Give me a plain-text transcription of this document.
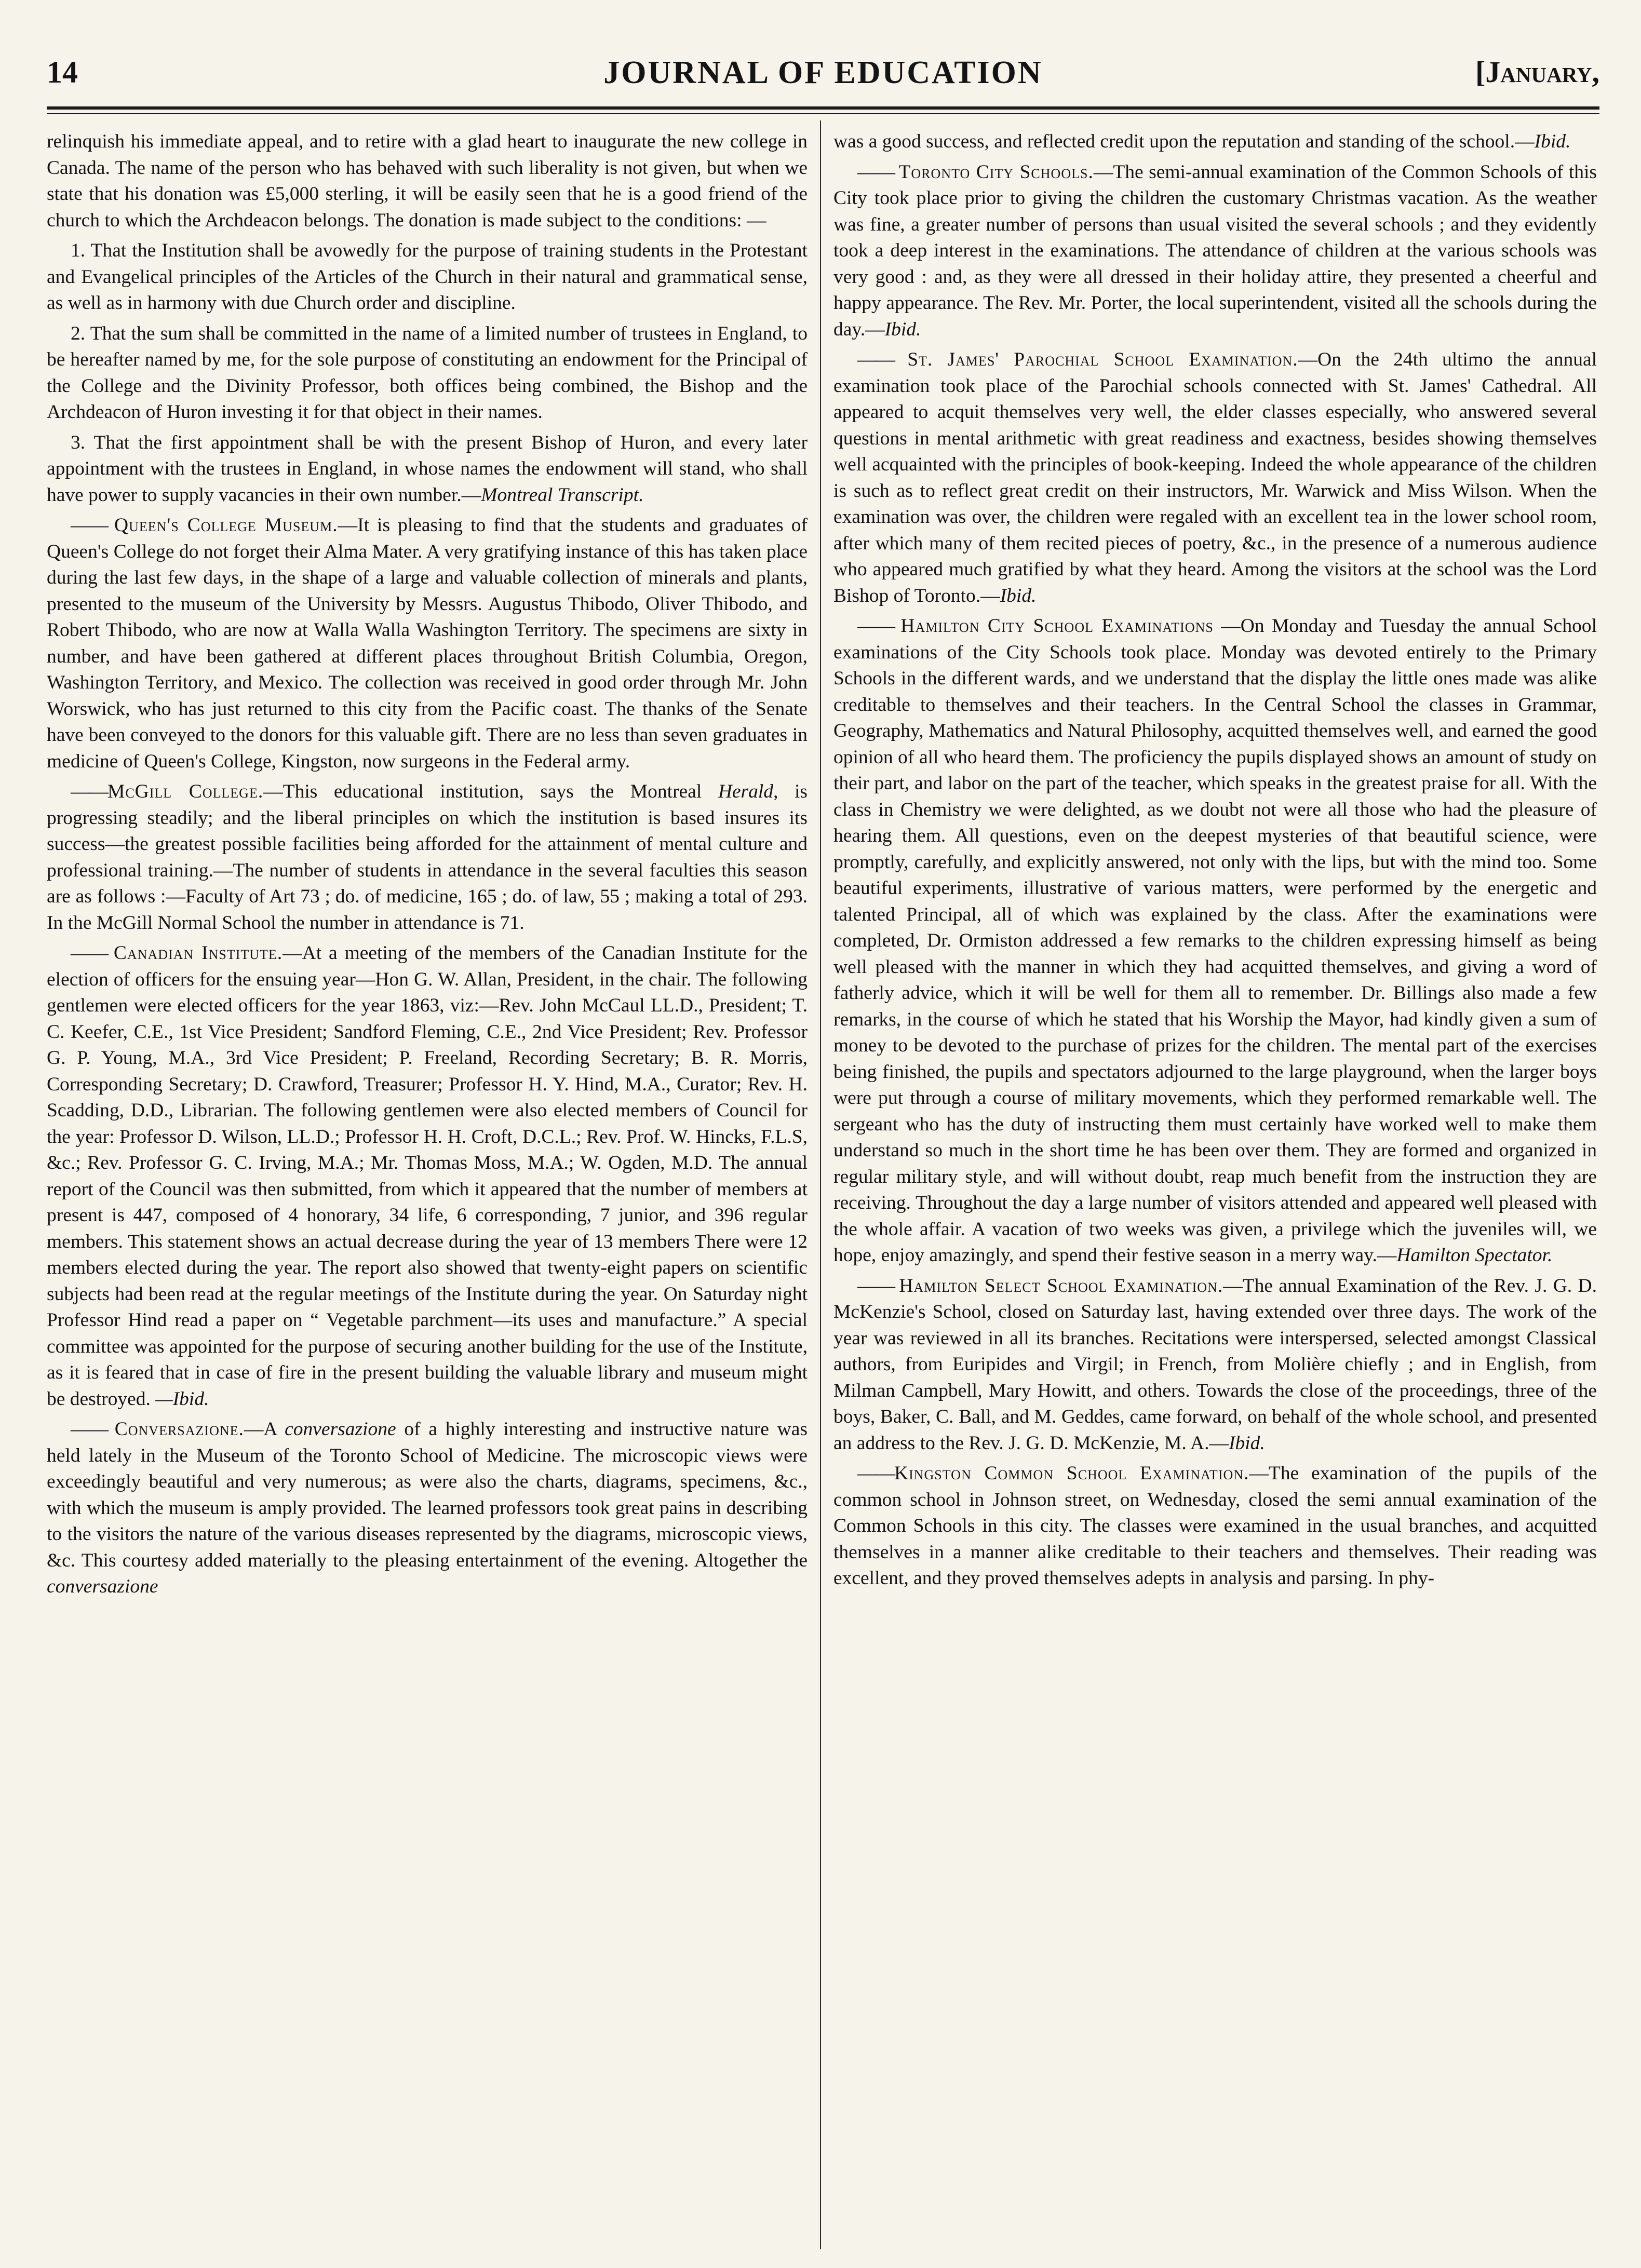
14	JOURNAL OF EDUCATION	[January,

relinquish his immediate appeal, and to retire with a glad heart to inaugurate the new college in Canada. The name of the person who has behaved with such liberality is not given, but when we state that his donation was £5,000 sterling, it will be easily seen that he is a good friend of the church to which the Archdeacon belongs. The donation is made subject to the conditions: —

1. That the Institution shall be avowedly for the purpose of training students in the Protestant and Evangelical principles of the Articles of the Church in their natural and grammatical sense, as well as in harmony with due Church order and discipline.

2. That the sum shall be committed in the name of a limited number of trustees in England, to be hereafter named by me, for the sole purpose of constituting an endowment for the Principal of the College and the Divinity Professor, both offices being combined, the Bishop and the Archdeacon of Huron investing it for that object in their names.

3. That the first appointment shall be with the present Bishop of Huron, and every later appointment with the trustees in England, in whose names the endowment will stand, who shall have power to supply vacancies in their own number.—Montreal Transcript.

—— Queen's College Museum.—It is pleasing to find that the students and graduates of Queen's College do not forget their Alma Mater. A very gratifying instance of this has taken place during the last few days, in the shape of a large and valuable collection of minerals and plants, presented to the museum of the University by Messrs. Augustus Thibodo, Oliver Thibodo, and Robert Thibodo, who are now at Walla Walla Washington Territory. The specimens are sixty in number, and have been gathered at different places throughout British Columbia, Oregon, Washington Territory, and Mexico. The collection was received in good order through Mr. John Worswick, who has just returned to this city from the Pacific coast. The thanks of the Senate have been conveyed to the donors for this valuable gift. There are no less than seven graduates in medicine of Queen's College, Kingston, now surgeons in the Federal army.

——McGill College.—This educational institution, says the Montreal Herald, is progressing steadily; and the liberal principles on which the institution is based insures its success—the greatest possible facilities being afforded for the attainment of mental culture and professional training.—The number of students in attendance in the several faculties this season are as follows :—Faculty of Art 73 ; do. of medicine, 165 ; do. of law, 55 ; making a total of 293. In the McGill Normal School the number in attendance is 71.

—— Canadian Institute.—At a meeting of the members of the Canadian Institute for the election of officers for the ensuing year—Hon G. W. Allan, President, in the chair. The following gentlemen were elected officers for the year 1863, viz:—Rev. John McCaul LL.D., President; T. C. Keefer, C.E., 1st Vice President; Sandford Fleming, C.E., 2nd Vice President; Rev. Professor G. P. Young, M.A., 3rd Vice President; P. Freeland, Recording Secretary; B. R. Morris, Corresponding Secretary; D. Crawford, Treasurer; Professor H. Y. Hind, M.A., Curator; Rev. H. Scadding, D.D., Librarian. The following gentlemen were also elected members of Council for the year: Professor D. Wilson, LL.D.; Professor H. H. Croft, D.C.L.; Rev. Prof. W. Hincks, F.L.S, &c.; Rev. Professor G. C. Irving, M.A.; Mr. Thomas Moss, M.A.; W. Ogden, M.D. The annual report of the Council was then submitted, from which it appeared that the number of members at present is 447, composed of 4 honorary, 34 life, 6 corresponding, 7 junior, and 396 regular members. This statement shows an actual decrease during the year of 13 members There were 12 members elected during the year. The report also showed that twenty-eight papers on scientific subjects had been read at the regular meetings of the Institute during the year. On Saturday night Professor Hind read a paper on “ Vegetable parchment—its uses and manufacture.” A special committee was appointed for the purpose of securing another building for the use of the Institute, as it is feared that in case of fire in the present building the valuable library and museum might be destroyed. —Ibid.

—— Conversazione.—A conversazione of a highly interesting and instructive nature was held lately in the Museum of the Toronto School of Medicine. The microscopic views were exceedingly beautiful and very numerous; as were also the charts, diagrams, specimens, &c., with which the museum is amply provided. The learned professors took great pains in describing to the visitors the nature of the various diseases represented by the diagrams, microscopic views, &c. This courtesy added materially to the pleasing entertainment of the evening. Altogether the conversazione

was a good success, and reflected credit upon the reputation and standing of the school.—Ibid.

—— Toronto City Schools.—The semi-annual examination of the Common Schools of this City took place prior to giving the children the customary Christmas vacation. As the weather was fine, a greater number of persons than usual visited the several schools ; and they evidently took a deep interest in the examinations. The attendance of children at the various schools was very good : and, as they were all dressed in their holiday attire, they presented a cheerful and happy appearance. The Rev. Mr. Porter, the local superintendent, visited all the schools during the day.—Ibid.

—— St. James' Parochial School Examination.—On the 24th ultimo the annual examination took place of the Parochial schools connected with St. James' Cathedral. All appeared to acquit themselves very well, the elder classes especially, who answered several questions in mental arithmetic with great readiness and exactness, besides showing themselves well acquainted with the principles of book-keeping. Indeed the whole appearance of the children is such as to reflect great credit on their instructors, Mr. Warwick and Miss Wilson. When the examination was over, the children were regaled with an excellent tea in the lower school room, after which many of them recited pieces of poetry, &c., in the presence of a numerous audience who appeared much gratified by what they heard. Among the visitors at the school was the Lord Bishop of Toronto.—Ibid.

—— Hamilton City School Examinations —On Monday and Tuesday the annual School examinations of the City Schools took place. Monday was devoted entirely to the Primary Schools in the different wards, and we understand that the display the little ones made was alike creditable to themselves and their teachers. In the Central School the classes in Grammar, Geography, Mathematics and Natural Philosophy, acquitted themselves well, and earned the good opinion of all who heard them. The proficiency the pupils displayed shows an amount of study on their part, and labor on the part of the teacher, which speaks in the greatest praise for all. With the class in Chemistry we were delighted, as we doubt not were all those who had the pleasure of hearing them. All questions, even on the deepest mysteries of that beautiful science, were promptly, carefully, and explicitly answered, not only with the lips, but with the mind too. Some beautiful experiments, illustrative of various matters, were performed by the energetic and talented Principal, all of which was explained by the class. After the examinations were completed, Dr. Ormiston addressed a few remarks to the children expressing himself as being well pleased with the manner in which they had acquitted themselves, and giving a word of fatherly advice, which it will be well for them all to remember. Dr. Billings also made a few remarks, in the course of which he stated that his Worship the Mayor, had kindly given a sum of money to be devoted to the purchase of prizes for the children. The mental part of the exercises being finished, the pupils and spectators adjourned to the large playground, when the larger boys were put through a course of military movements, which they performed remarkable well. The sergeant who has the duty of instructing them must certainly have worked well to make them understand so much in the short time he has been over them. They are formed and organized in regular military style, and will without doubt, reap much benefit from the instruction they are receiving. Throughout the day a large number of visitors attended and appeared well pleased with the whole affair. A vacation of two weeks was given, a privilege which the juveniles will, we hope, enjoy amazingly, and spend their festive season in a merry way.—Hamilton Spectator.

—— Hamilton Select School Examination.—The annual Examination of the Rev. J. G. D. McKenzie's School, closed on Saturday last, having extended over three days. The work of the year was reviewed in all its branches. Recitations were interspersed, selected amongst Classical authors, from Euripides and Virgil; in French, from Molière chiefly ; and in English, from Milman Campbell, Mary Howitt, and others. Towards the close of the proceedings, three of the boys, Baker, C. Ball, and M. Geddes, came forward, on behalf of the whole school, and presented an address to the Rev. J. G. D. McKenzie, M. A.—Ibid.

——Kingston Common School Examination.—The examination of the pupils of the common school in Johnson street, on Wednesday, closed the semi annual examination of the Common Schools in this city. The classes were examined in the usual branches, and acquitted themselves in a manner alike creditable to their teachers and themselves. Their reading was excellent, and they proved themselves adepts in analysis and parsing. In phy-
